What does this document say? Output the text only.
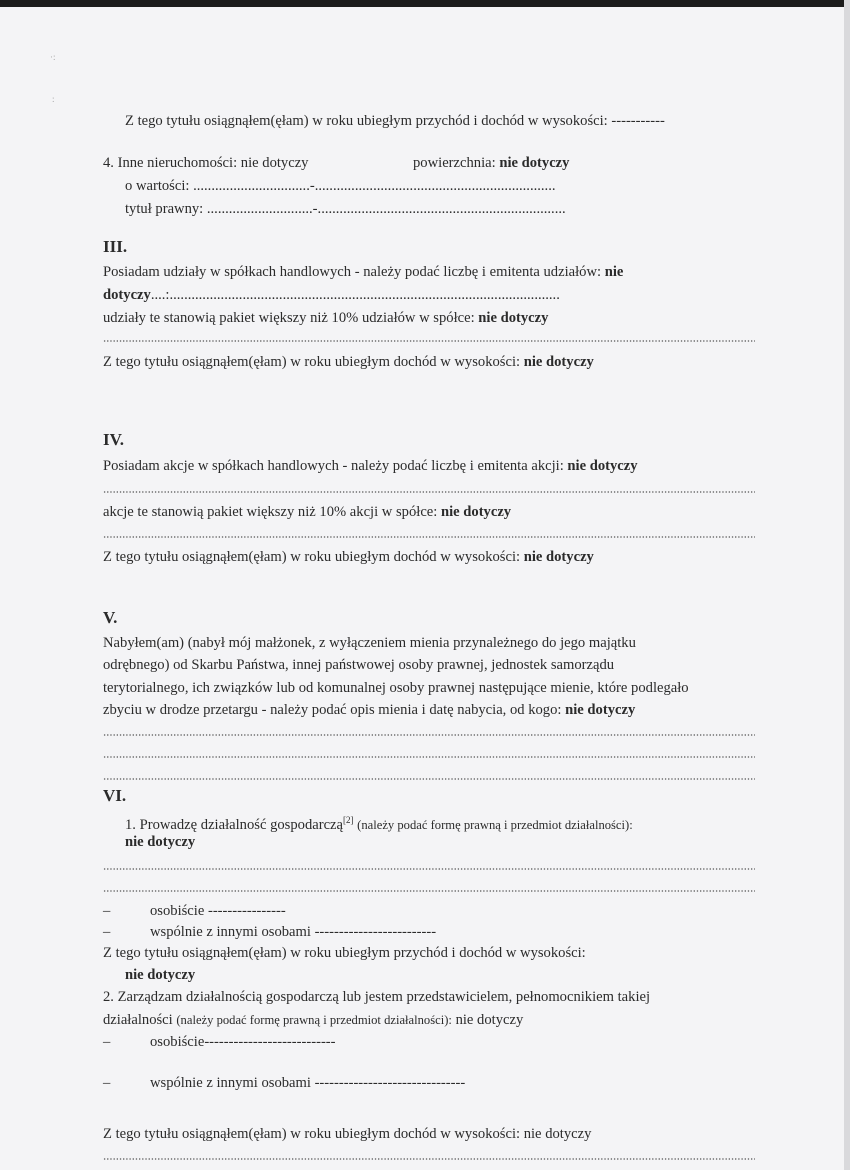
·:
:
Z tego tytułu osiągnąłem(ęłam) w roku ubiegłym przychód i dochód w wysokości: -----------
4. Inne nieruchomości: nie dotyczy	powierzchnia: nie dotyczy
o wartości: ................................-..................................................................
tytuł prawny: .............................-....................................................................
III.
Posiadam udziały w spółkach handlowych - należy podać liczbę i emitenta udziałów: nie
dotyczy....:...........................................................................................................
udziały te stanowią pakiet większy niż 10% udziałów w spółce: nie dotyczy
Z tego tytułu osiągnąłem(ęłam) w roku ubiegłym dochód w wysokości: nie dotyczy
IV.
Posiadam akcje w spółkach handlowych - należy podać liczbę i emitenta akcji: nie dotyczy
akcje te stanowią pakiet większy niż 10% akcji w spółce: nie dotyczy
Z tego tytułu osiągnąłem(ęłam) w roku ubiegłym dochód w wysokości: nie dotyczy
V.
Nabyłem(am) (nabył mój małżonek, z wyłączeniem mienia przynależnego do jego majątku
odrębnego) od Skarbu Państwa, innej państwowej osoby prawnej, jednostek samorządu
terytorialnego, ich związków lub od komunalnej osoby prawnej następujące mienie, które podlegało
zbyciu w drodze przetargu - należy podać opis mienia i datę nabycia, od kogo: nie dotyczy
VI.
1. Prowadzę działalność gospodarczą[2] (należy podać formę prawną i przedmiot działalności):
nie dotyczy
–	osobiście ----------------
–	wspólnie z innymi osobami -------------------------
Z tego tytułu osiągnąłem(ęłam) w roku ubiegłym przychód i dochód w wysokości:
nie dotyczy
2. Zarządzam działalnością gospodarczą lub jestem przedstawicielem, pełnomocnikiem takiej
działalności (należy podać formę prawną i przedmiot działalności): nie dotyczy
–	osobiście---------------------------
–	wspólnie z innymi osobami -------------------------------
Z tego tytułu osiągnąłem(ęłam) w roku ubiegłym dochód w wysokości: nie dotyczy
